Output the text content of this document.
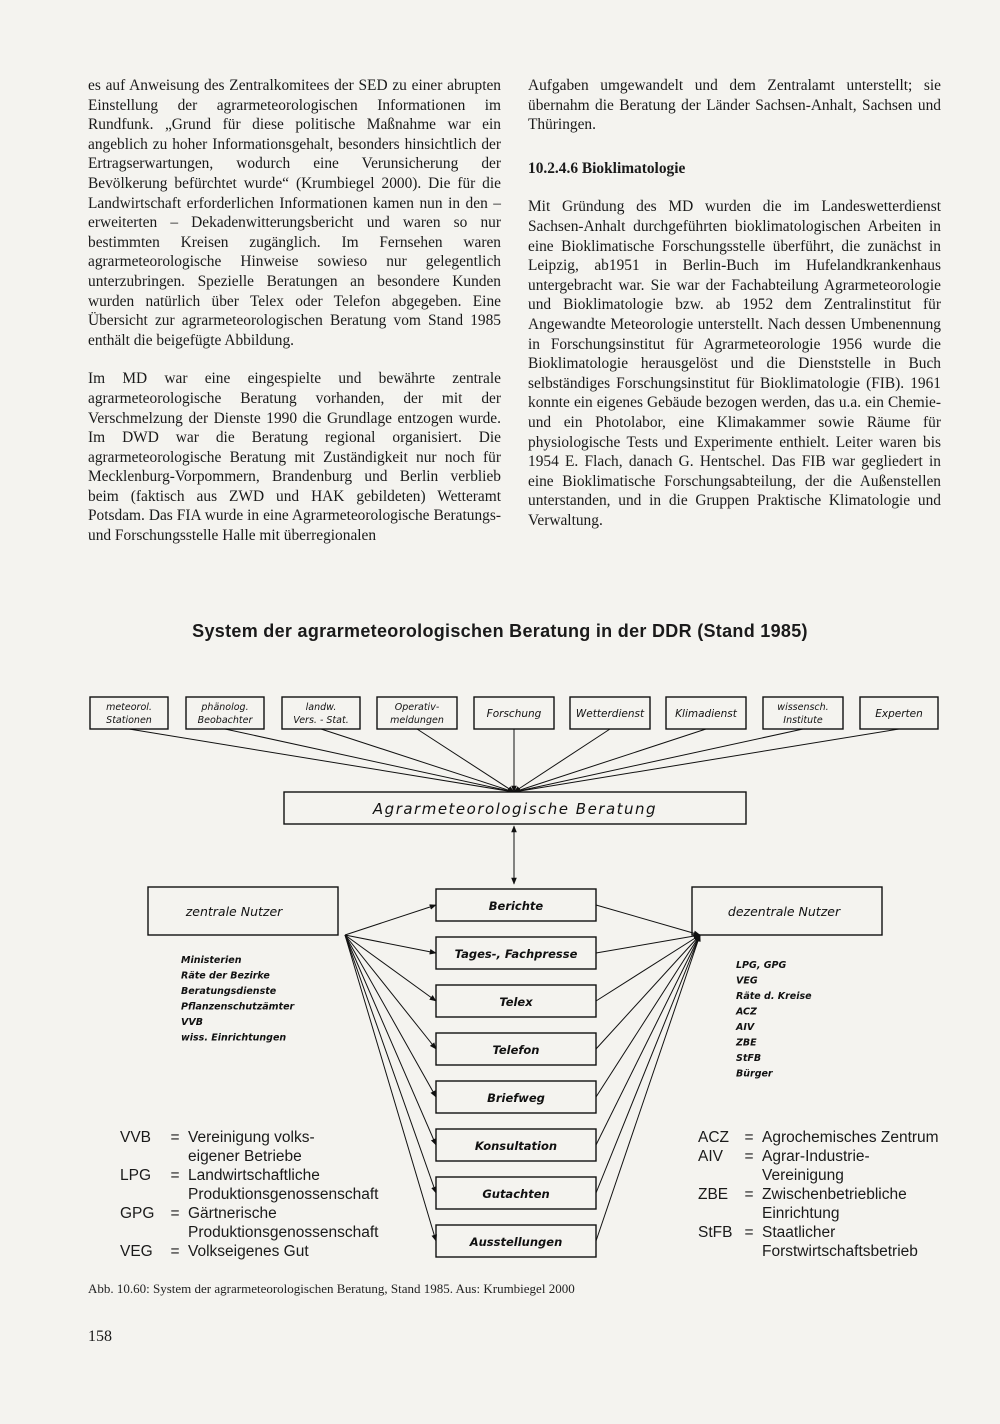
es auf Anweisung des Zentralkomitees der SED zu einer abrupten Einstellung der agrarmeteorologischen Informationen im Rundfunk. „Grund für diese politische Maßnahme war ein angeblich zu hoher Informationsgehalt, besonders hinsichtlich der Ertragserwartungen, wodurch eine Verunsicherung der Bevölkerung befürchtet wurde“ (Krumbiegel 2000). Die für die Landwirtschaft erforderlichen Informationen kamen nun in den – erweiterten – Dekadenwitterungsbericht und waren so nur bestimmten Kreisen zugänglich. Im Fernsehen waren agrarmeteorologische Hinweise sowieso nur gelegentlich unterzubringen. Spezielle Beratungen an besondere Kunden wurden natürlich über Telex oder Telefon abgegeben. Eine Übersicht zur agrarmeteorologischen Beratung vom Stand 1985 enthält die beigefügte Abbildung.

Im MD war eine eingespielte und bewährte zentrale agrarmeteorologische Beratung vorhanden, der mit der Verschmelzung der Dienste 1990 die Grundlage entzogen wurde. Im DWD war die Beratung regional organisiert. Die agrarmeteorologische Beratung mit Zuständigkeit nur noch für Mecklenburg-Vorpommern, Brandenburg und Berlin verblieb beim (faktisch aus ZWD und HAK gebildeten) Wetteramt Potsdam. Das FIA wurde in eine Agrarmeteorologische Beratungs- und Forschungsstelle Halle mit überregionalen

Aufgaben umgewandelt und dem Zentralamt unterstellt; sie übernahm die Beratung der Länder Sachsen-Anhalt, Sachsen und Thüringen.

10.2.4.6 Bioklimatologie

Mit Gründung des MD wurden die im Landeswetterdienst Sachsen-Anhalt durchgeführten bioklimatologischen Arbeiten in eine Bioklimatische Forschungsstelle überführt, die zunächst in Leipzig, ab1951 in Berlin-Buch im Hufelandkrankenhaus untergebracht war. Sie war der Fachabteilung Agrarmeteorologie und Bioklimatologie bzw. ab 1952 dem Zentralinstitut für Angewandte Meteorologie unterstellt. Nach dessen Umbenennung in Forschungsinstitut für Agrarmeteorologie 1956 wurde die Bioklimatologie herausgelöst und die Dienststelle in Buch selbständiges Forschungsinstitut für Bioklimatologie (FIB). 1961 konnte ein eigenes Gebäude bezogen werden, das u.a. ein Chemie- und ein Photolabor, eine Klimakammer sowie Räume für physiologische Tests und Experimente enthielt. Leiter waren bis 1954 E. Flach, danach G. Hentschel. Das FIB war gegliedert in eine Bioklimatische Forschungsabteilung, der die Außenstellen unterstanden, und in die Gruppen Praktische Klimatologie und Verwaltung.

System der agrarmeteorologischen Beratung in der DDR (Stand 1985)
meteorol.
Stationen
phänolog.
Beobachter
landw.
Vers. - Stat.
Operativ-
meldungen
Forschung	Wetterdienst	Klimadienst
wissensch.
Institute
Experten
Agrarmeteorologische Beratung
zentrale Nutzer	dezentrale Nutzer
Berichte
Tages-, Fachpresse
Telex
Telefon
Briefweg
Konsultation
Gutachten
Ausstellungen
Ministerien
Räte der Bezirke
Beratungsdienste
Pflanzenschutzämter
VVB
wiss. Einrichtungen
LPG, GPG
VEG
Räte d. Kreise
ACZ
AIV
ZBE
StFB
Bürger
VVB	= Vereinigung volks-
eigener Betriebe
LPG	= Landwirtschaftliche
Produktionsgenossenschaft
GPG	= Gärtnerische
Produktionsgenossenschaft
VEG	= Volkseigenes Gut
ACZ = Agrochemisches Zentrum
AIV	= Agrar-Industrie-
Vereinigung
ZBE	= Zwischenbetriebliche
Einrichtung
StFB = Staatlicher
Forstwirtschaftsbetrieb
Abb. 10.60: System der agrarmeteorologischen Beratung, Stand 1985. Aus: Krumbiegel 2000
158
